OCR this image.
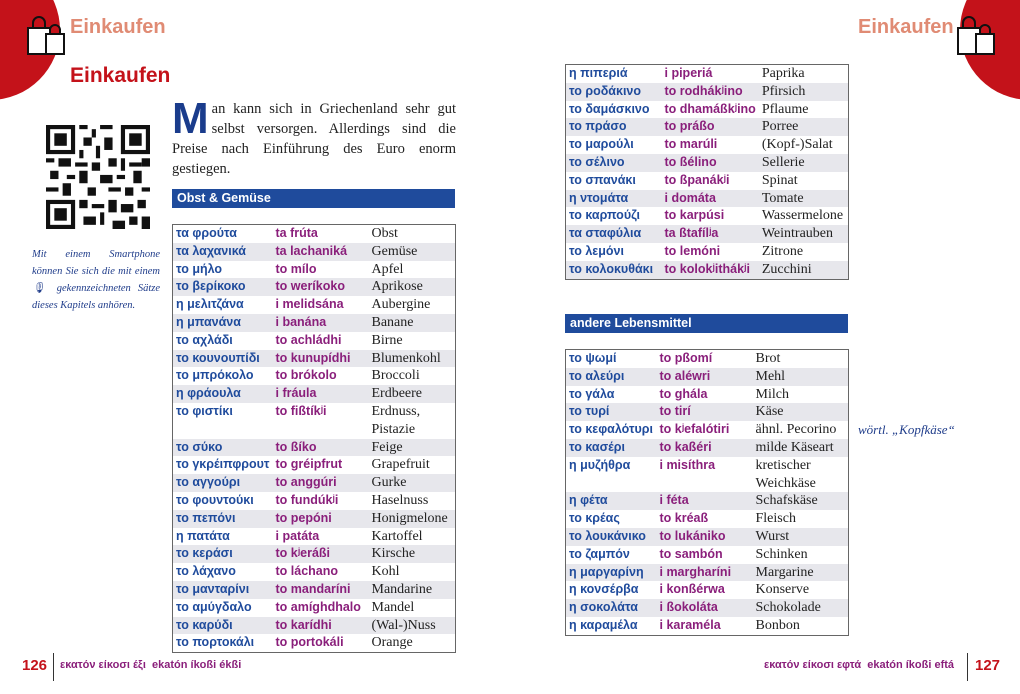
Einkaufen	Einkaufen
Einkaufen
Man kann sich in Griechenland sehr gut selbst versorgen. Allerdings sind die Preise nach Einführung des Euro enorm gestiegen.
Mit einem Smartphone können Sie sich die mit einem 🎙 gekennzeichneten Sätze dieses Kapitels anhören.
Obst & Gemüse
τα φρούτα	ta frúta	Obst
τα λαχανικά	ta lachaniká	Gemüse
το μήλο	to mílo	Apfel
το βερίκοκο	to weríkoko	Aprikose
η μελιτζάνα	i melidsána	Aubergine
η μπανάνα	i banána	Banane
το αχλάδι	to achládhi	Birne
το κουνουπίδι	to kunupídhi	Blumenkohl
το μπρόκολο	to brókolo	Broccoli
η φράουλα	i fráula	Erdbeere
το φιστίκι	to fißtíkʲi	Erdnuss, Pistazie
το σύκο	to ßíko	Feige
το γκρέιπφρουτ	to gréipfrut	Grapefruit
το αγγούρι	to anggúri	Gurke
το φουντούκι	to fundúkʲi	Haselnuss
το πεπόνι	to pepóni	Honigmelone
η πατάτα	i patáta	Kartoffel
το κεράσι	to kʲeráßi	Kirsche
το λάχανο	to láchano	Kohl
το μανταρίνι	to mandaríni	Mandarine
το αμύγδαλο	to amíghdhalo	Mandel
το καρύδι	to karídhi	(Wal-)Nuss
το πορτοκάλι	to portokáli	Orange
126 εκατόν είκοσι έξι ekatón íkoßi ékßi
η πιπεριά	i piperiá	Paprika
το ροδάκινο	to rodhákʲino	Pfirsich
το δαμάσκινο	to dhamáßkʲino	Pflaume
το πράσο	to práßo	Porree
το μαρούλι	to marúli	(Kopf-)Salat
το σέλινο	to ßélino	Sellerie
το σπανάκι	to ßpanákʲi	Spinat
η ντομάτα	i domáta	Tomate
το καρπούζι	to karpúsi	Wassermelone
τα σταφύλια	ta ßtafílʲa	Weintrauben
το λεμόνι	to lemóni	Zitrone
το κολοκυθάκι	to kolokʲithákʲi	Zucchini
andere Lebensmittel
το ψωμί	to pßomí	Brot
το αλεύρι	to aléwri	Mehl
το γάλα	to ghála	Milch
το τυρί	to tirí	Käse
το κεφαλότυρι	to kʲefalótiri	ähnl. Pecorino
το κασέρι	to kaßéri	milde Käseart
η μυζήθρα	i misíthra	kretischer Weichkäse
η φέτα	i féta	Schafskäse
το κρέας	to kréaß	Fleisch
το λουκάνικο	to lukániko	Wurst
το ζαμπόν	to sambón	Schinken
η μαργαρίνη	i margharíni	Margarine
η κονσέρβα	i konßérwa	Konserve
η σοκολάτα	i ßokoláta	Schokolade
η καραμέλα	i karaméla	Bonbon
wörtl. „Kopfkäse“
εκατόν είκοσι εφτά ekatón íkoßi eftá 127
